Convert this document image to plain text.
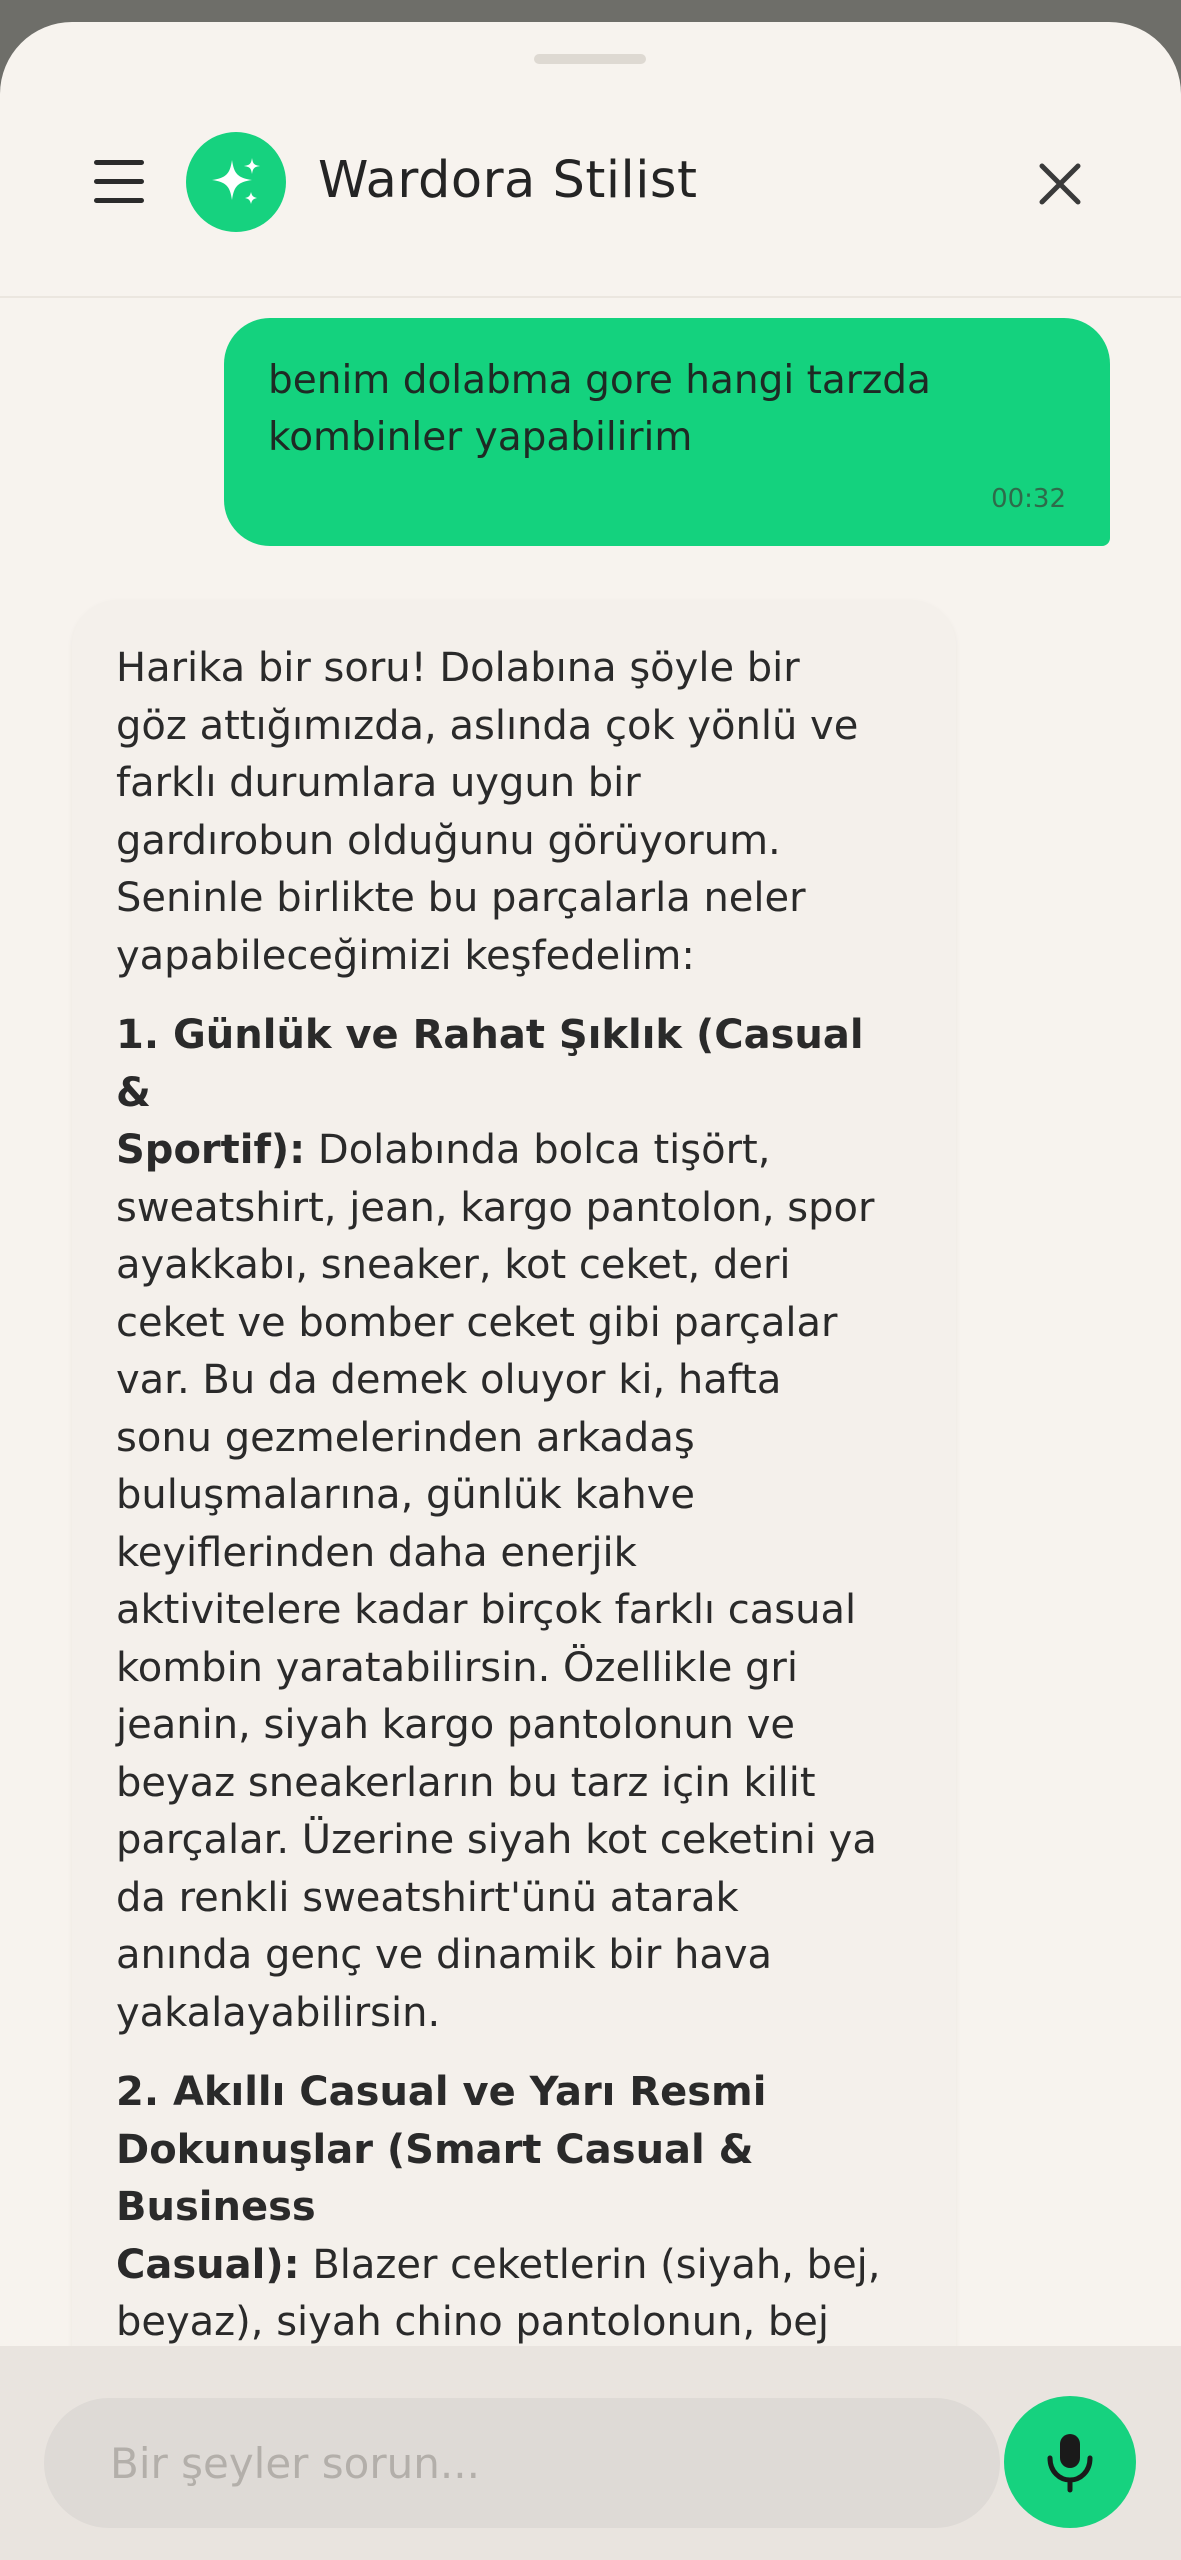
Wardora Stilist
benim dolabma gore hangi tarzda
kombinler yapabilirim
00:32

Harika bir soru! Dolabına şöyle bir
göz attığımızda, aslında çok yönlü ve
farklı durumlara uygun bir
gardırobun olduğunu görüyorum.
Seninle birlikte bu parçalarla neler
yapabileceğimizi keşfedelim:

1. Günlük ve Rahat Şıklık (Casual &
Sportif): Dolabında bolca tişört,
sweatshirt, jean, kargo pantolon, spor
ayakkabı, sneaker, kot ceket, deri
ceket ve bomber ceket gibi parçalar
var. Bu da demek oluyor ki, hafta
sonu gezmelerinden arkadaş
buluşmalarına, günlük kahve
keyiflerinden daha enerjik
aktivitelere kadar birçok farklı casual
kombin yaratabilirsin. Özellikle gri
jeanin, siyah kargo pantolonun ve
beyaz sneakerların bu tarz için kilit
parçalar. Üzerine siyah kot ceketini ya
da renkli sweatshirt'ünü atarak
anında genç ve dinamik bir hava
yakalayabilirsin.

2. Akıllı Casual ve Yarı Resmi
Dokunuşlar (Smart Casual & Business
Casual): Blazer ceketlerin (siyah, bej,
beyaz), siyah chino pantolonun, bej

Bir şeyler sorun...
